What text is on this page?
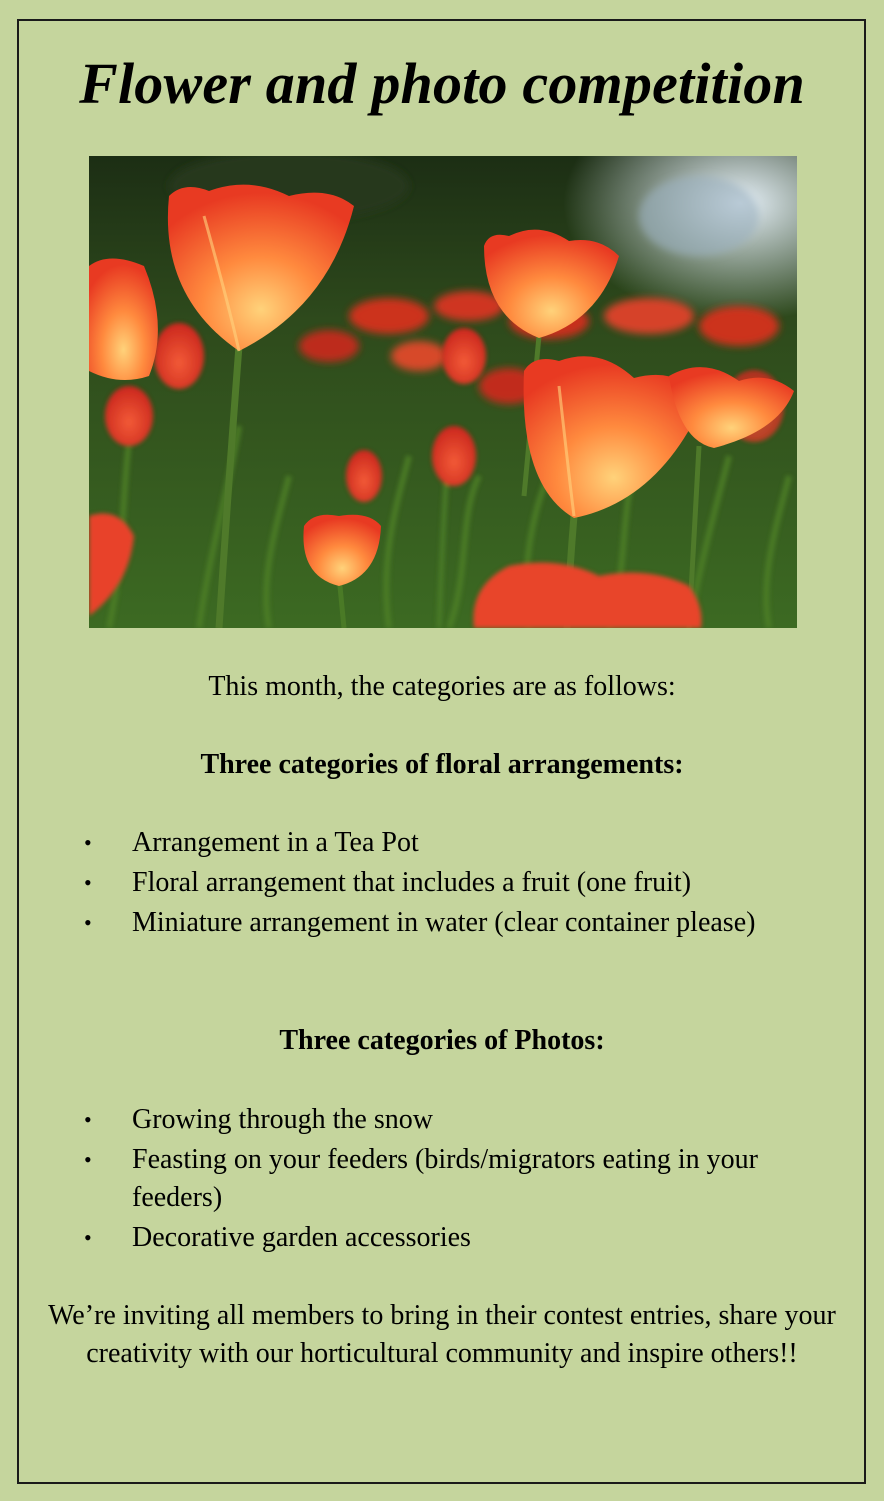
Flower and photo competition
This month, the categories are as follows:
Three categories of floral arrangements:
• Arrangement in a Tea Pot
• Floral arrangement that includes a fruit (one fruit)
• Miniature arrangement in water (clear container please)
Three categories of Photos:
• Growing through the snow
• Feasting on your feeders (birds/migrators eating in your feeders)
• Decorative garden accessories
We’re inviting all members to bring in their contest entries, share your creativity with our horticultural community and inspire others!!
